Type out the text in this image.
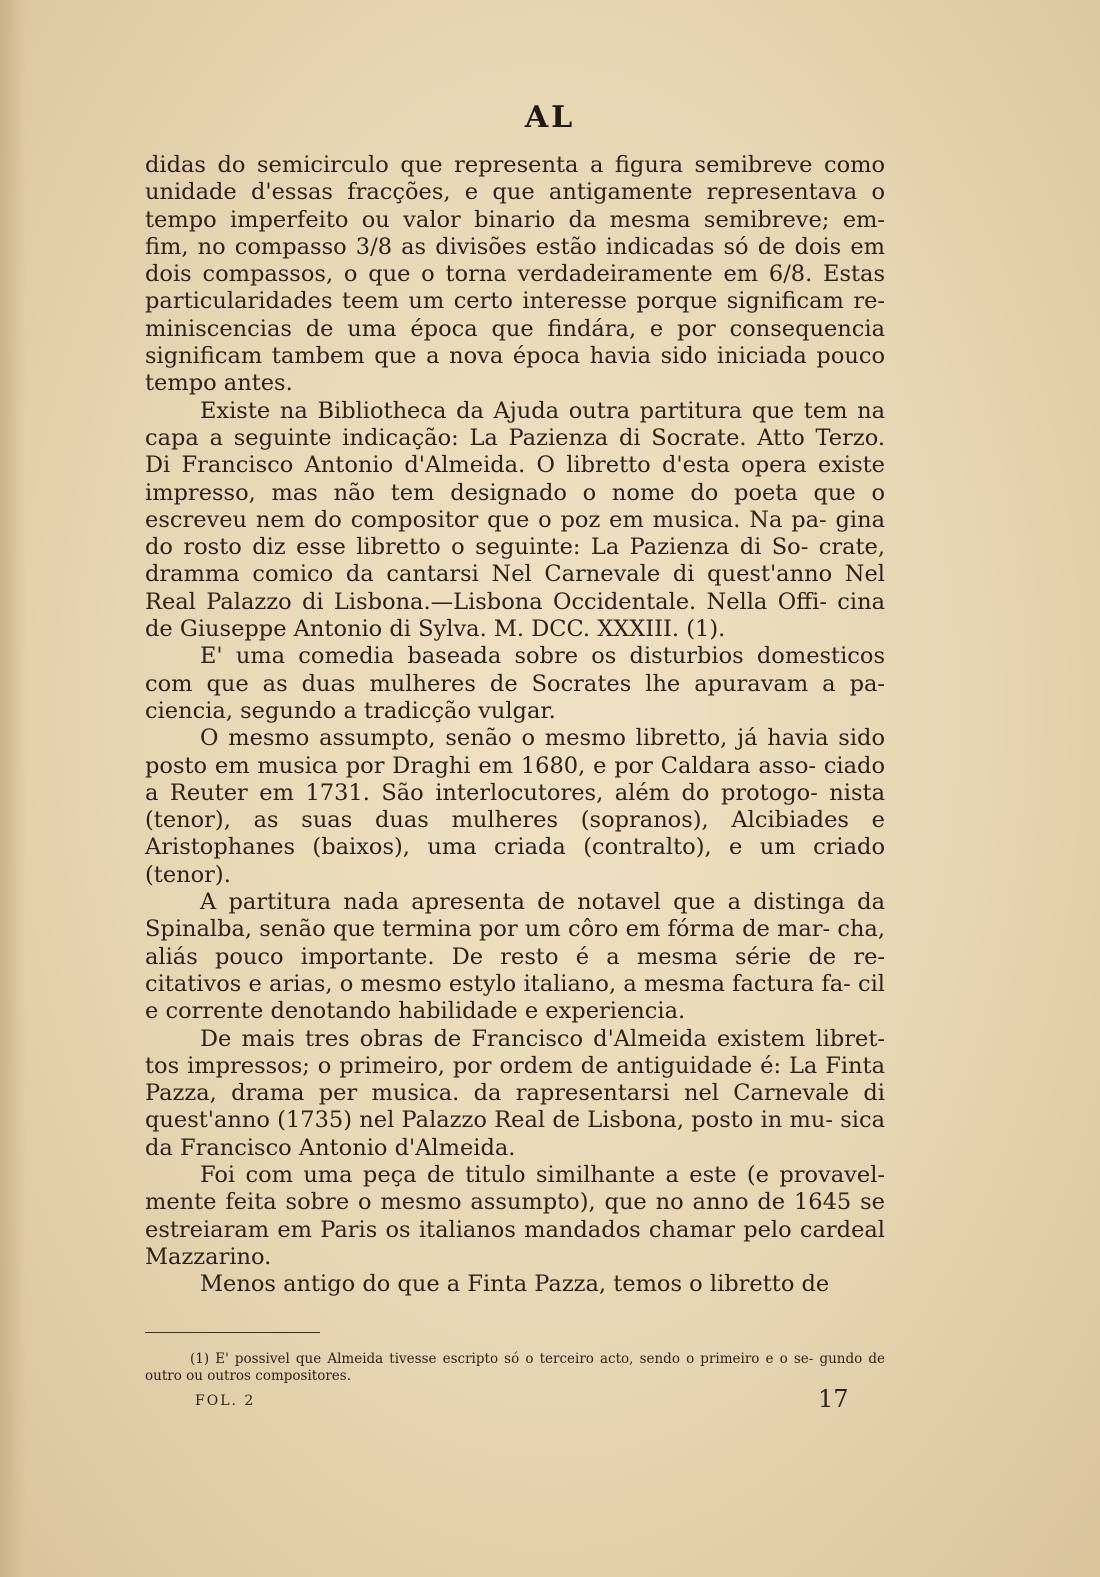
AL

didas do semicirculo que representa a figura semibreve como unidade d'essas fracções, e que antigamente representava o tempo imperfeito ou valor binario da mesma semibreve; em- fim, no compasso 3/8 as divisões estão indicadas só de dois em dois compassos, o que o torna verdadeiramente em 6/8. Estas particularidades teem um certo interesse porque significam re- miniscencias de uma época que findára, e por consequencia significam tambem que a nova época havia sido iniciada pouco tempo antes.

Existe na Bibliotheca da Ajuda outra partitura que tem na capa a seguinte indicação: La Pazienza di Socrate. Atto Terzo. Di Francisco Antonio d'Almeida. O libretto d'esta opera existe impresso, mas não tem designado o nome do poeta que o escreveu nem do compositor que o poz em musica. Na pa- gina do rosto diz esse libretto o seguinte: La Pazienza di So- crate, dramma comico da cantarsi Nel Carnevale di quest'anno Nel Real Palazzo di Lisbona.—Lisbona Occidentale. Nella Offi- cina de Giuseppe Antonio di Sylva. M. DCC. XXXIII. (1).

E' uma comedia baseada sobre os disturbios domesticos com que as duas mulheres de Socrates lhe apuravam a pa- ciencia, segundo a tradicção vulgar.

O mesmo assumpto, senão o mesmo libretto, já havia sido posto em musica por Draghi em 1680, e por Caldara asso- ciado a Reuter em 1731. São interlocutores, além do protogo- nista (tenor), as suas duas mulheres (sopranos), Alcibiades e Aristophanes (baixos), uma criada (contralto), e um criado (tenor).

A partitura nada apresenta de notavel que a distinga da Spinalba, senão que termina por um côro em fórma de mar- cha, aliás pouco importante. De resto é a mesma série de re- citativos e arias, o mesmo estylo italiano, a mesma factura fa- cil e corrente denotando habilidade e experiencia.

De mais tres obras de Francisco d'Almeida existem libret- tos impressos; o primeiro, por ordem de antiguidade é: La Finta Pazza, drama per musica. da rapresentarsi nel Carnevale di quest'anno (1735) nel Palazzo Real de Lisbona, posto in mu- sica da Francisco Antonio d'Almeida.

Foi com uma peça de titulo similhante a este (e provavel- mente feita sobre o mesmo assumpto), que no anno de 1645 se estreiaram em Paris os italianos mandados chamar pelo cardeal Mazzarino.

Menos antigo do que a Finta Pazza, temos o libretto de

(1) E' possivel que Almeida tivesse escripto só o terceiro acto, sendo o primeiro e o se- gundo de outro ou outros compositores.
FOL. 2	17
